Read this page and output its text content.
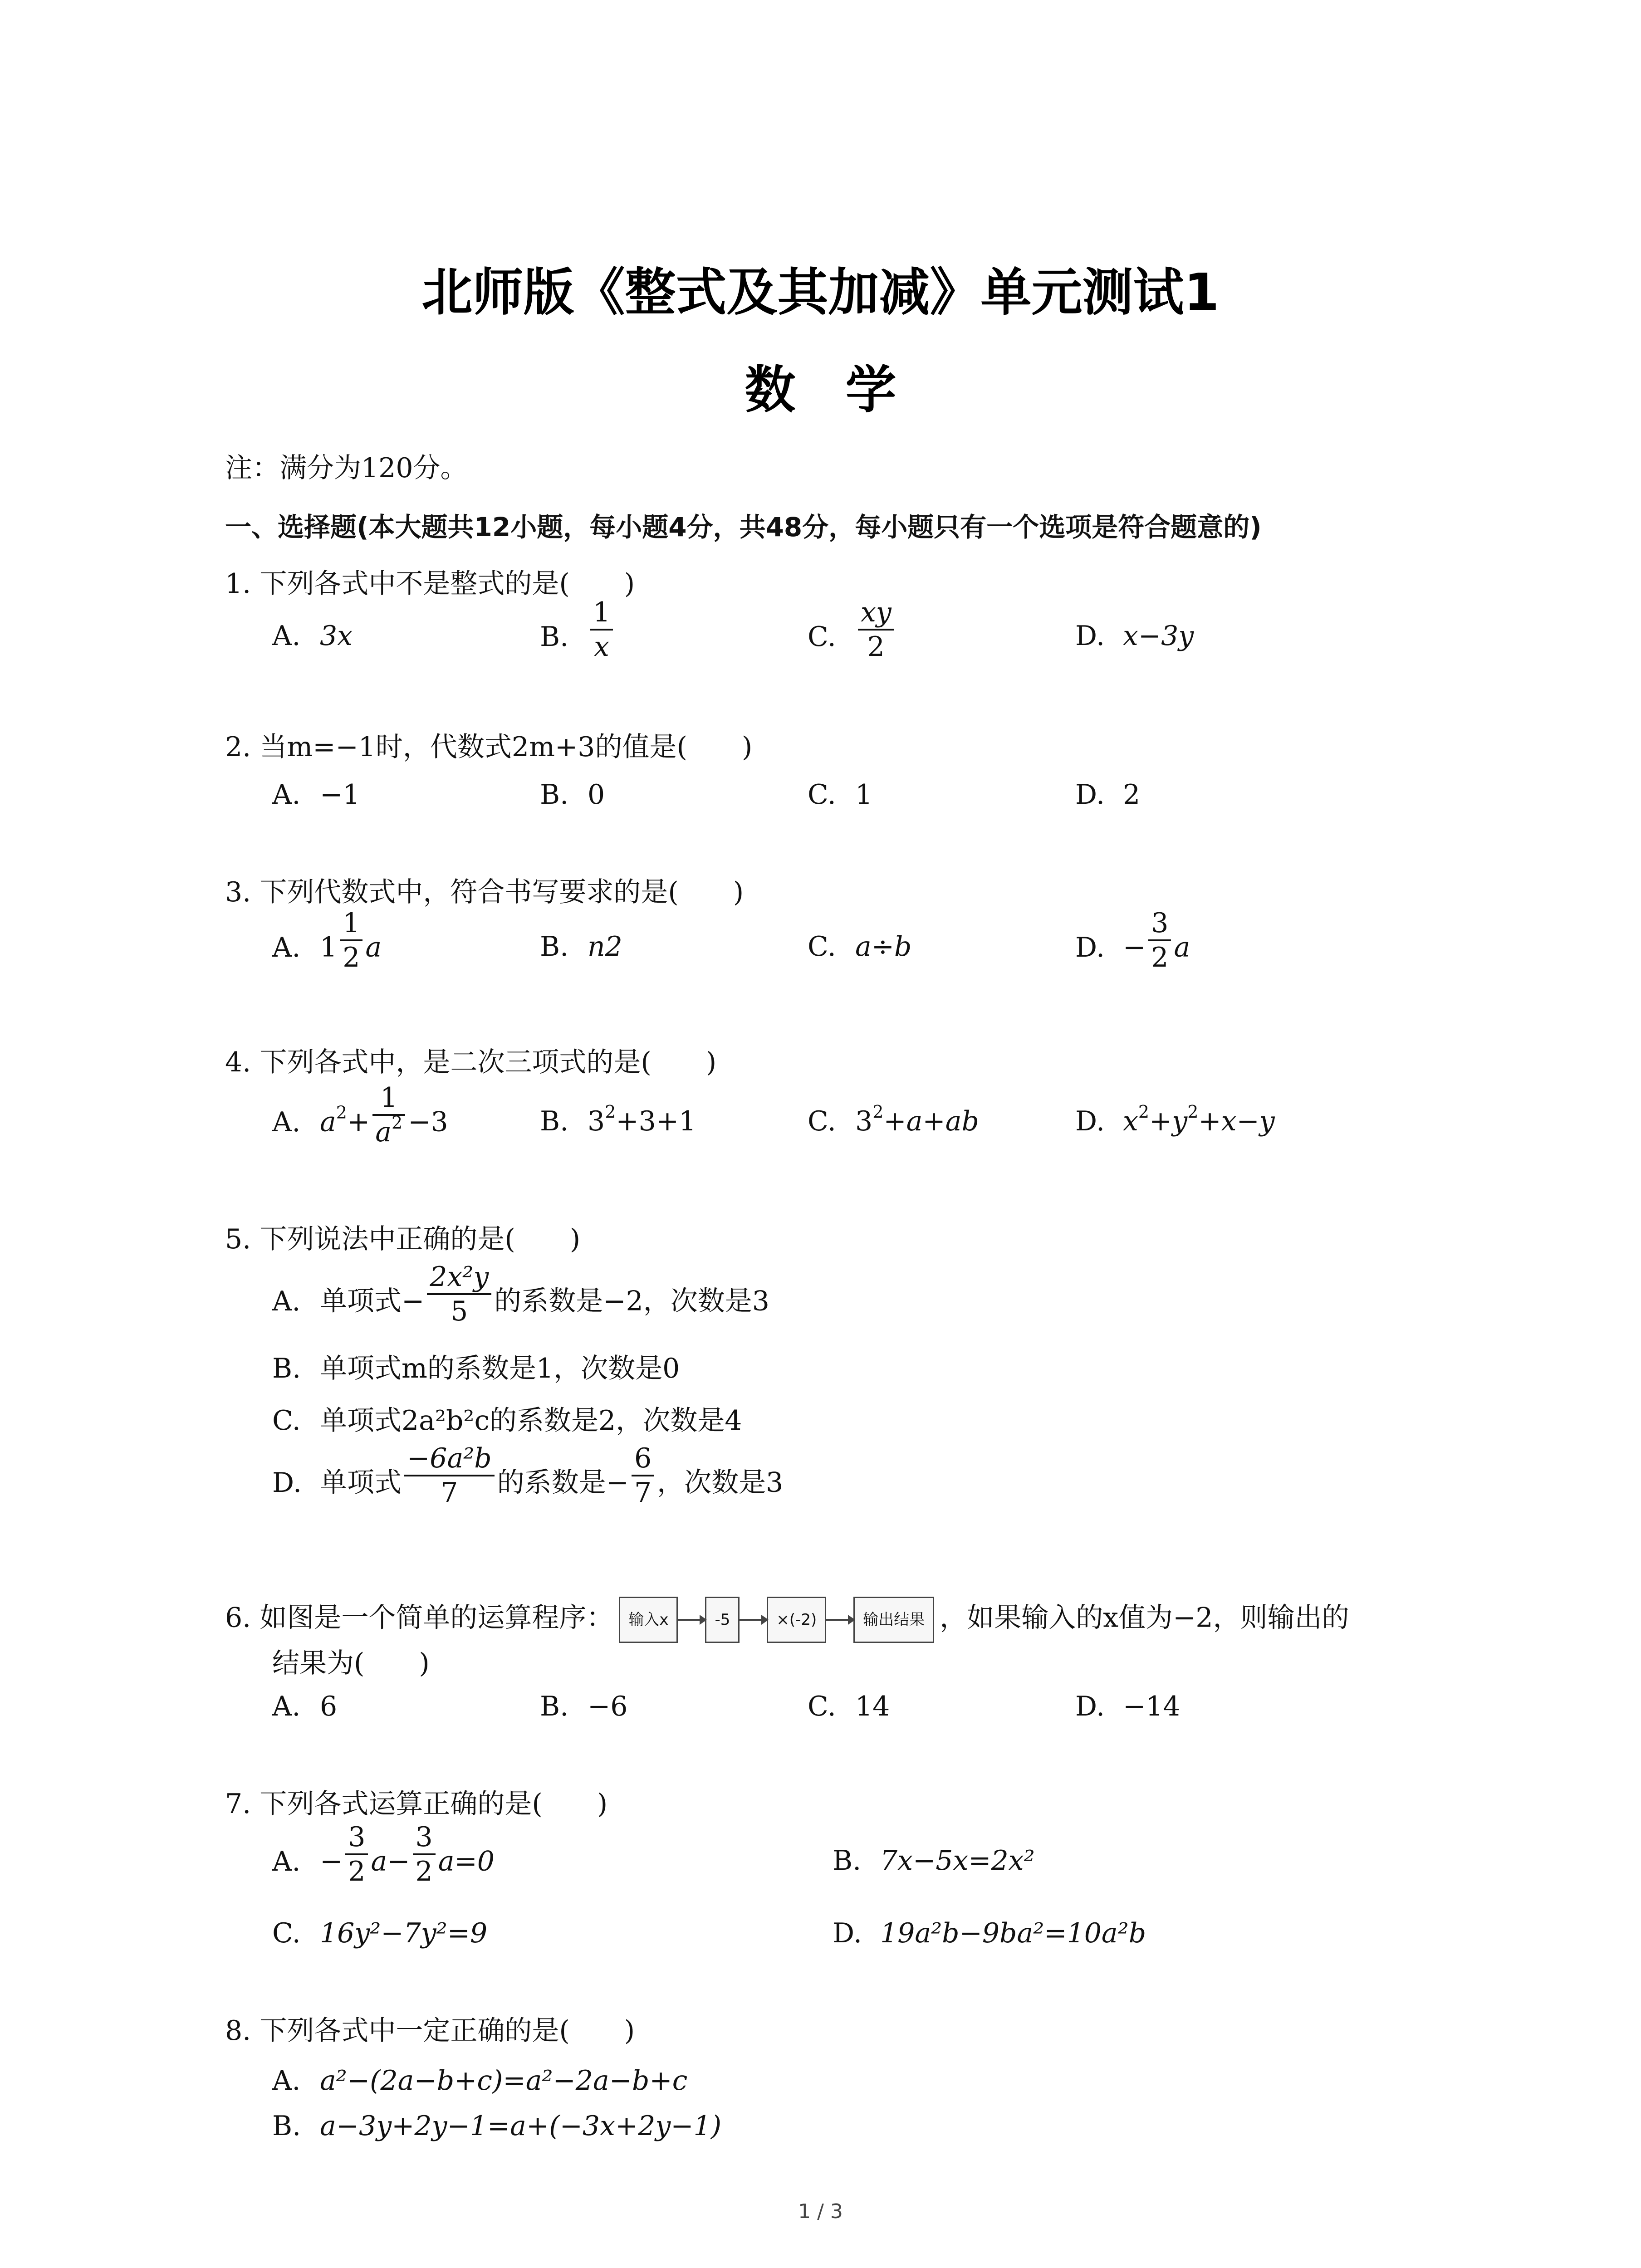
北师版《整式及其加减》单元测试1
数学
注：满分为120分。
一、选择题(本大题共12小题，每小题4分，共48分，每小题只有一个选项是符合题意的)
1. 下列各式中不是整式的是(　　)
A. 3x	B. $\frac{1}{x}$	C. $\frac{xy}{2}$	D. x−3y
2. 当m=−1时，代数式2m+3的值是(　　)
A. −1	B. 0	C. 1	D. 2
3. 下列代数式中，符合书写要求的是(　　)
A. $1 \frac{1}{2}$ a	B. n2	C. a÷b	D. − $\frac{3}{2}$ a
4. 下列各式中，是二次三项式的是(　　)
A. $a^2+ \frac{1}{a^2} -3$	B. $3^2+3+1$	C. $3^2+a+ab$	D. $x^2+y^2+x-y$
5. 下列说法中正确的是(　　)
A. 单项式− $\frac{\text{2x²y}}{5}$ 的系数是−2，次数是3
B. 单项式m的系数是1，次数是0
C. 单项式2a²b²c的系数是2，次数是4
D. 单项式 $\frac{\text{−6a²b}}{7}$ 的系数是− $\frac{6}{7}$ ，次数是3
6. 如图是一个简单的运算程序： 输入x	-5	×(-2)	输出结果 ，如果输入的x值为−2，则输出的
结果为(　　)
A. 6	B. −6	C. 14	D. −14
7. 下列各式运算正确的是(　　)
A. − $\frac{3}{2} a- \frac{3}{2} a=0$	B. 7x−5x=2x²
C. 16y²−7y²=9	D. 19a²b−9ba²=10a²b
8. 下列各式中一定正确的是(　　)
A. a²−(2a−b+c)=a²−2a−b+c
B. a−3y+2y−1=a+(−3x+2y−1)
1 / 3
